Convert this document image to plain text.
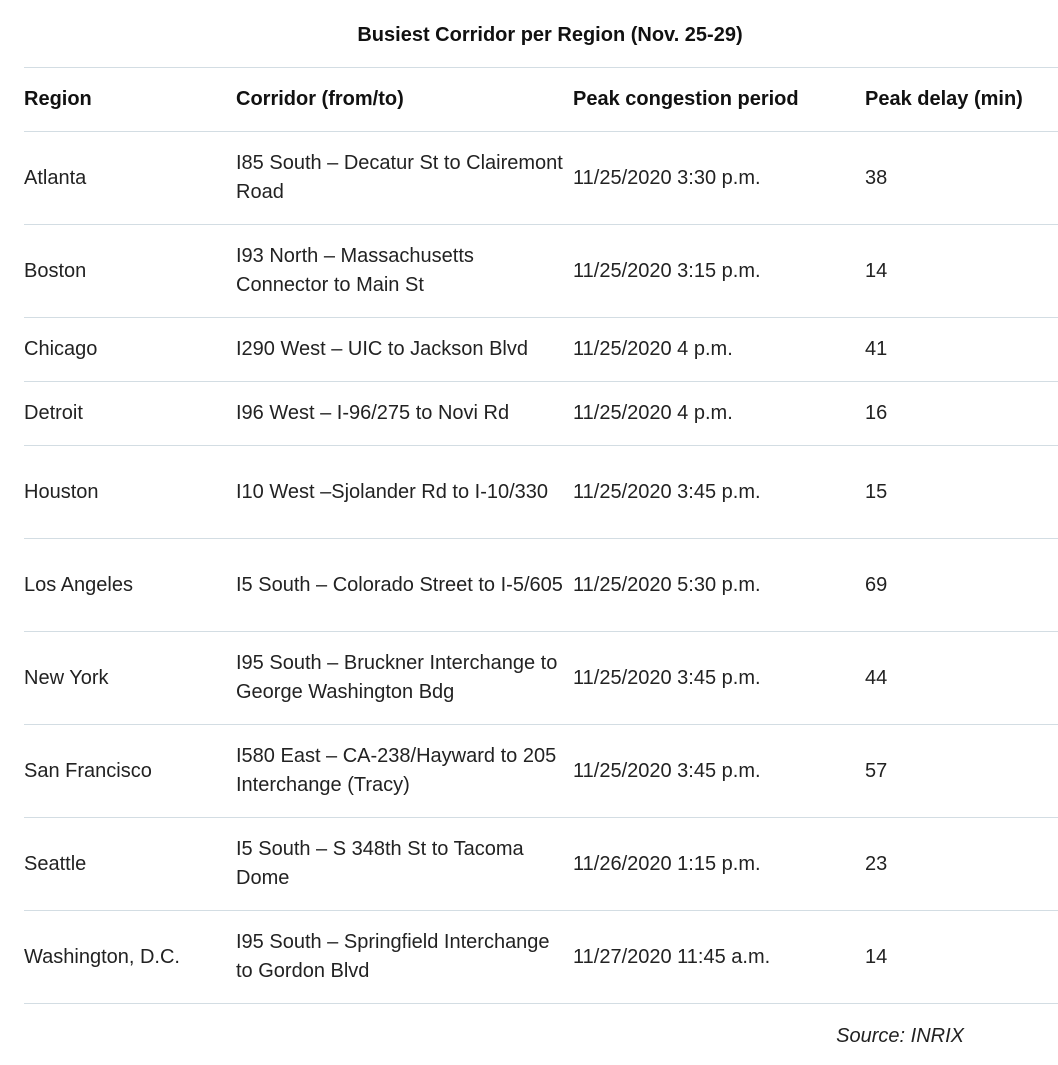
Busiest Corridor per Region (Nov. 25-29)
Region	Corridor (from/to)	Peak congestion period	Peak delay (min)
Atlanta	I85 South – Decatur St to Clairemont Road	11/25/2020 3:30 p.m.	38
Boston	I93 North – Massachusetts Connector to Main St	11/25/2020 3:15 p.m.	14
Chicago	I290 West – UIC to Jackson Blvd	11/25/2020 4 p.m.	41
Detroit	I96 West – I-96/275 to Novi Rd	11/25/2020 4 p.m.	16
Houston	I10 West –Sjolander Rd to I-10/330	11/25/2020 3:45 p.m.	15
Los Angeles	I5 South – Colorado Street to I-5/605	11/25/2020 5:30 p.m.	69
New York	I95 South – Bruckner Interchange to George Washington Bdg	11/25/2020 3:45 p.m.	44
San Francisco	I580 East – CA-238/Hayward to 205 Interchange (Tracy)	11/25/2020 3:45 p.m.	57
Seattle	I5 South – S 348th St to Tacoma Dome	11/26/2020 1:15 p.m.	23
Washington, D.C.	I95 South – Springfield Interchange to Gordon Blvd	11/27/2020 11:45 a.m.	14
Source: INRIX
